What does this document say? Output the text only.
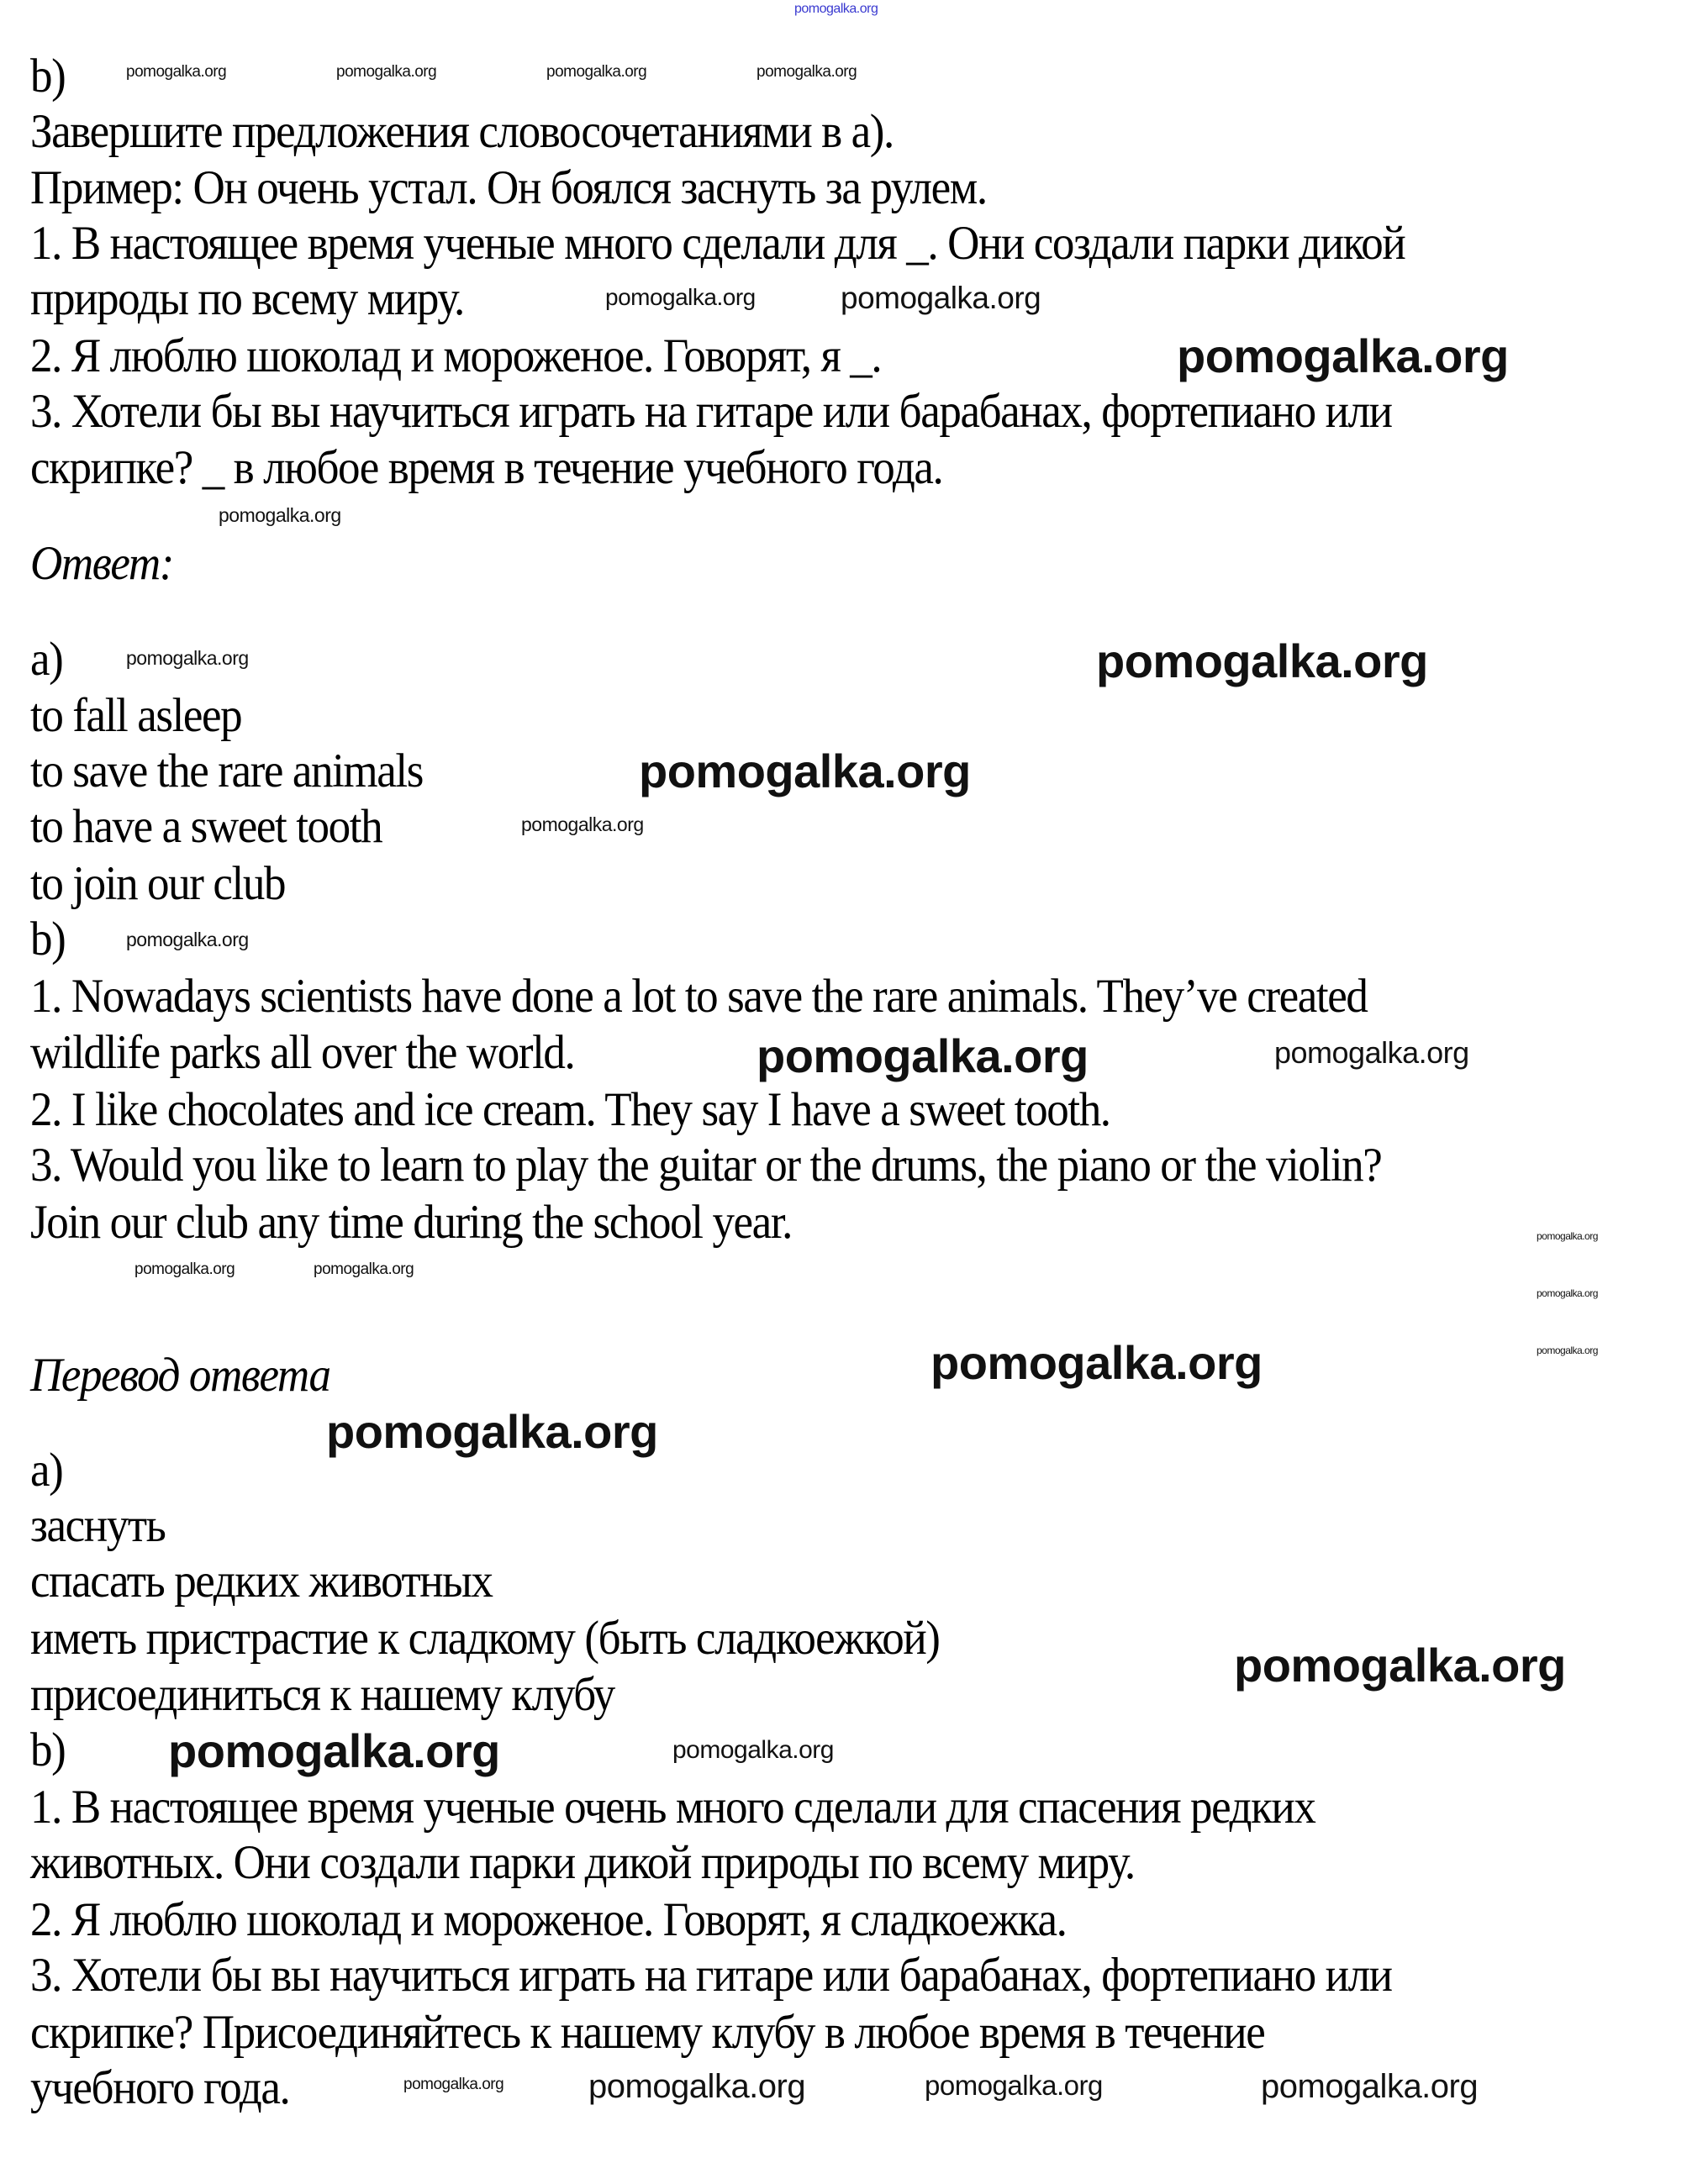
b)
Завершите предложения словосочетаниями в а).
Пример: Он очень устал. Он боялся заснуть за рулем.
1. В настоящее время ученые много сделали для _. Они создали парки дикой
природы по всему миру.
2. Я люблю шоколад и мороженое. Говорят, я _.
3. Хотели бы вы научиться играть на гитаре или барабанах, фортепиано или
скрипке? _ в любое время в течение учебного года.
Ответ:
a)
to fall asleep
to save the rare animals
to have a sweet tooth
to join our club
b)
1. Nowadays scientists have done a lot to save the rare animals. They’ve created
wildlife parks all over the world.
2. I like chocolates and ice cream. They say I have a sweet tooth.
3. Would you like to learn to play the guitar or the drums, the piano or the violin?
Join our club any time during the school year.
Перевод ответа
a)
заснуть
спасать редких животных
иметь пристрастие к сладкому (быть сладкоежкой)
присоединиться к нашему клубу
b)
1. В настоящее время ученые очень много сделали для спасения редких
животных. Они создали парки дикой природы по всему миру.
2. Я люблю шоколад и мороженое. Говорят, я сладкоежка.
3. Хотели бы вы научиться играть на гитаре или барабанах, фортепиано или
скрипке? Присоединяйтесь к нашему клубу в любое время в течение
учебного года.
pomogalka.org
pomogalka.org	pomogalka.org	pomogalka.org	pomogalka.org
pomogalka.org	pomogalka.org
pomogalka.org
pomogalka.org
pomogalka.org	pomogalka.org
pomogalka.org
pomogalka.org
pomogalka.org
pomogalka.org	pomogalka.org
pomogalka.org	pomogalka.org
pomogalka.org
pomogalka.org
pomogalka.org
pomogalka.org
pomogalka.org
pomogalka.org
pomogalka.org	pomogalka.org
pomogalka.org	pomogalka.org	pomogalka.org	pomogalka.org
